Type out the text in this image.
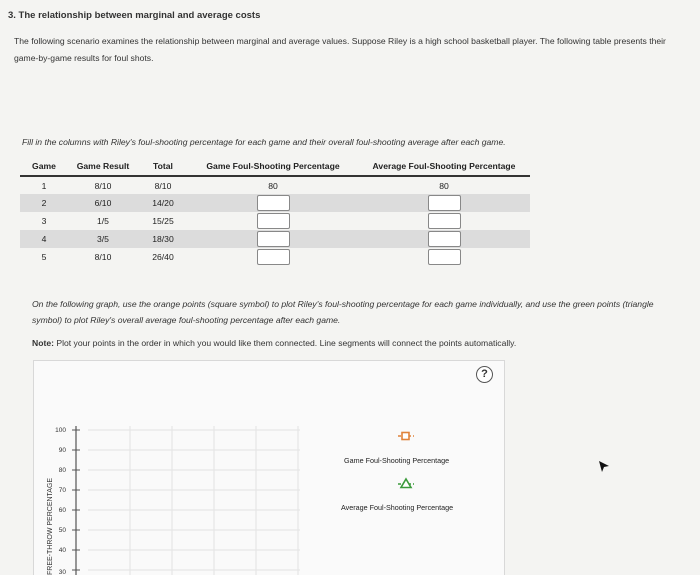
3. The relationship between marginal and average costs
The following scenario examines the relationship between marginal and average values. Suppose Riley is a high school basketball player. The following table presents their game-by-game results for foul shots.
Fill in the columns with Riley's foul-shooting percentage for each game and their overall foul-shooting average after each game.
Game	Game Result	Total	Game Foul-Shooting Percentage	Average Foul-Shooting Percentage
1	8/10	8/10	80	80
2	6/10	14/20		
3	1/5	15/25		
4	3/5	18/30		
5	8/10	26/40		
On the following graph, use the orange points (square symbol) to plot Riley's foul-shooting percentage for each game individually, and use the green points (triangle symbol) to plot Riley's overall average foul-shooting percentage after each game.
Note: Plot your points in the order in which you would like them connected. Line segments will connect the points automatically.
?
100
90
80
70
60
50
40
30
FREE-THROW PERCENTAGE
Game Foul-Shooting Percentage
Average Foul-Shooting Percentage
